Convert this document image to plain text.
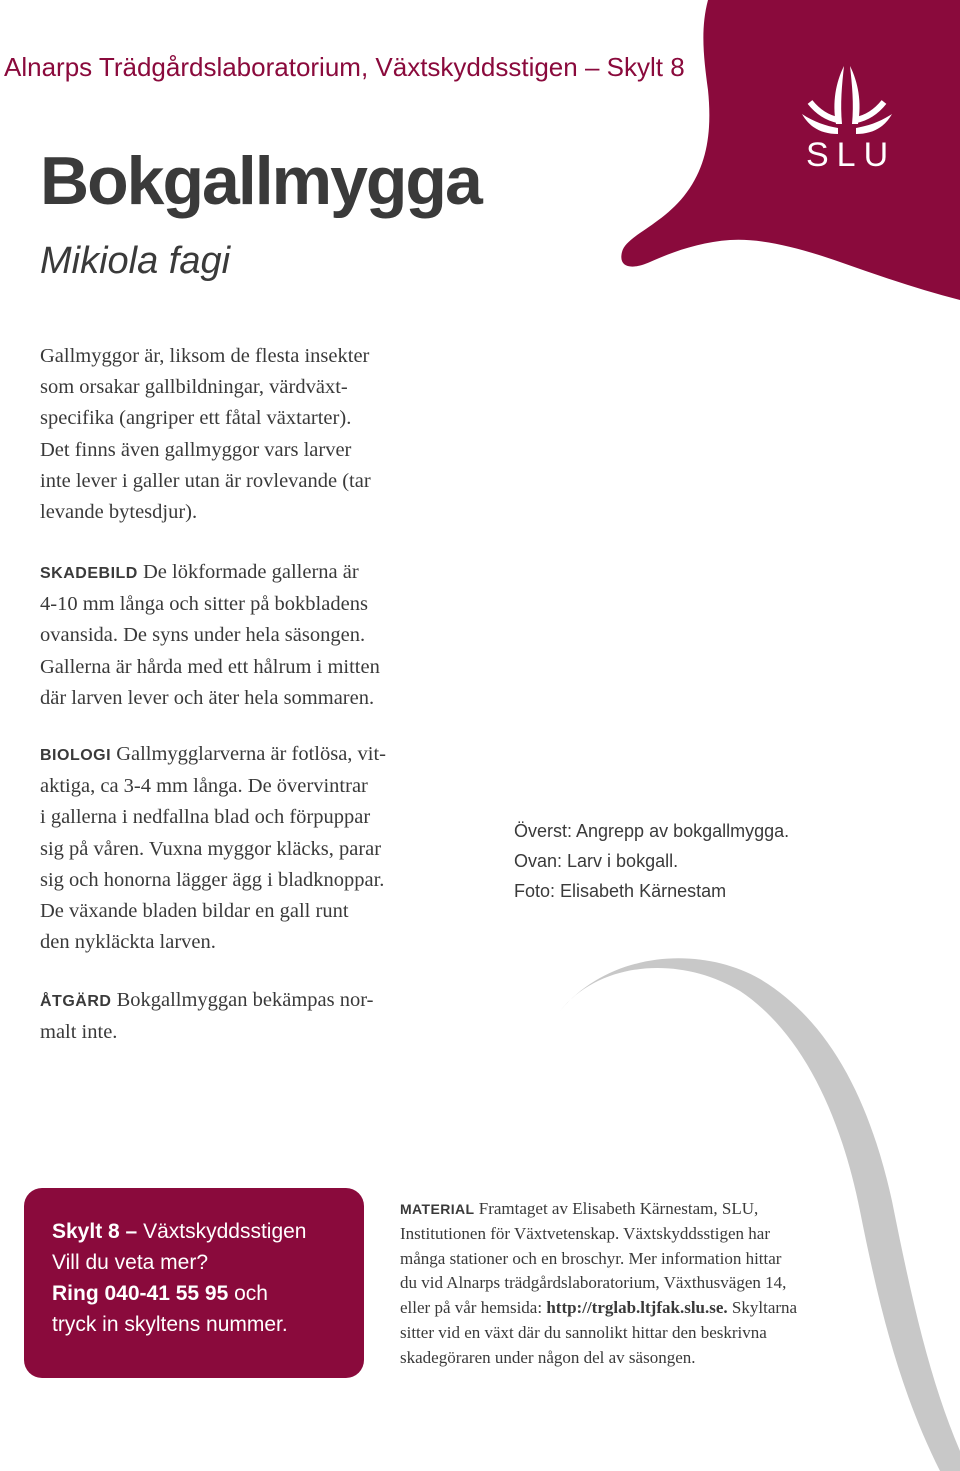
SLU
Alnarps Trädgårdslaboratorium, Växtskyddsstigen – Skylt 8
Bokgallmygga
Mikiola fagi
Gallmyggor är, liksom de flesta insekter
som orsakar gallbildningar, värdväxt-
specifika (angriper ett fåtal växtarter).
Det finns även gallmyggor vars larver
inte lever i galler utan är rovlevande (tar
levande bytesdjur).
SKADEBILD De lökformade gallerna är
4-10 mm långa och sitter på bokbladens
ovansida. De syns under hela säsongen.
Gallerna är hårda med ett hålrum i mitten
där larven lever och äter hela sommaren.
BIOLOGI Gallmygglarverna är fotlösa, vit-
aktiga, ca 3-4 mm långa. De övervintrar
i gallerna i nedfallna blad och förpuppar
sig på våren. Vuxna myggor kläcks, parar
sig och honorna lägger ägg i bladknoppar.
De växande bladen bildar en gall runt
den nykläckta larven.
ÅTGÄRD Bokgallmyggan bekämpas nor-
malt inte.
Överst: Angrepp av bokgallmygga.
Ovan: Larv i bokgall.
Foto: Elisabeth Kärnestam
Skylt 8 – Växtskyddsstigen
Vill du veta mer?
Ring 040-41 55 95 och
tryck in skyltens nummer.
MATERIAL Framtaget av Elisabeth Kärnestam, SLU,
Institutionen för Växtvetenskap. Växtskyddsstigen har
många stationer och en broschyr. Mer information hittar
du vid Alnarps trädgårdslaboratorium, Växthusvägen 14,
eller på vår hemsida: http://trglab.ltjfak.slu.se. Skyltarna
sitter vid en växt där du sannolikt hittar den beskrivna
skadegöraren under någon del av säsongen.
